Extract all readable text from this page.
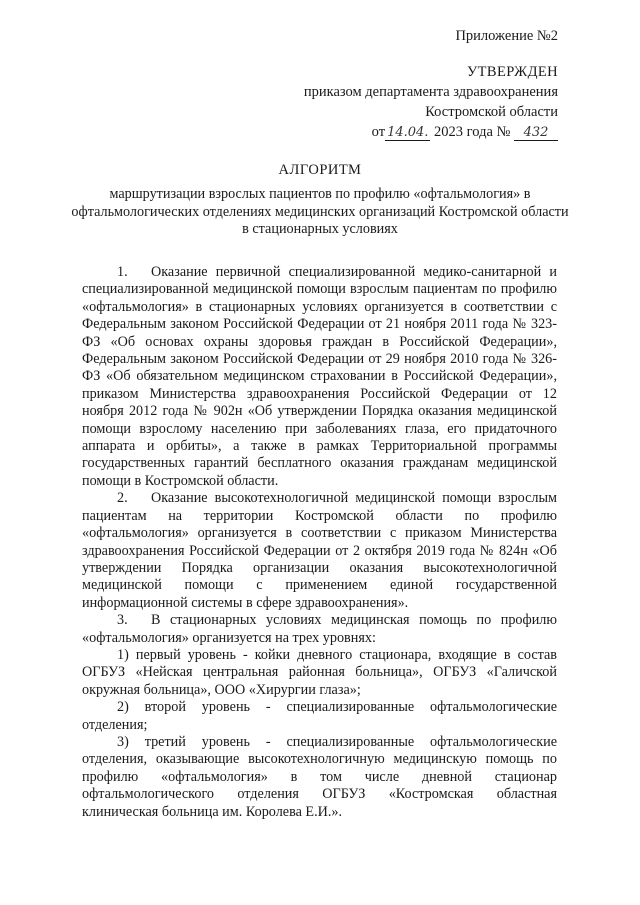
Приложение №2
УТВЕРЖДЕН
приказом департамента здравоохранения
Костромской области
от 14.04. 2023 года № 432
АЛГОРИТМ
маршрутизации взрослых пациентов по профилю «офтальмология» в офтальмологических отделениях медицинских организаций Костромской области в стационарных условиях

1. Оказание первичной специализированной медико-санитарной и специализированной медицинской помощи взрослым пациентам по профилю «офтальмология» в стационарных условиях организуется в соответствии с Федеральным законом Российской Федерации от 21 ноября 2011 года № 323-ФЗ «Об основах охраны здоровья граждан в Российской Федерации», Федеральным законом Российской Федерации от 29 ноября 2010 года № 326-ФЗ «Об обязательном медицинском страховании в Российской Федерации», приказом Министерства здравоохранения Российской Федерации от 12 ноября 2012 года № 902н «Об утверждении Порядка оказания медицинской помощи взрослому населению при заболеваниях глаза, его придаточного аппарата и орбиты», а также в рамках Территориальной программы государственных гарантий бесплатного оказания гражданам медицинской помощи в Костромской области.

2. Оказание высокотехнологичной медицинской помощи взрослым пациентам на территории Костромской области по профилю «офтальмология» организуется в соответствии с приказом Министерства здравоохранения Российской Федерации от 2 октября 2019 года № 824н «Об утверждении Порядка организации оказания высокотехнологичной медицинской помощи с применением единой государственной информационной системы в сфере здравоохранения».

3. В стационарных условиях медицинская помощь по профилю «офтальмология» организуется на трех уровнях:

1) первый уровень - койки дневного стационара, входящие в состав ОГБУЗ «Нейская центральная районная больница», ОГБУЗ «Галичской окружная больница», ООО «Хирургии глаза»;

2) второй уровень - специализированные офтальмологические отделения;

3) третий уровень - специализированные офтальмологические отделения, оказывающие высокотехнологичную медицинскую помощь по профилю «офтальмология» в том числе дневной стационар офтальмологического отделения ОГБУЗ «Костромская областная клиническая больница им. Королева Е.И.».
